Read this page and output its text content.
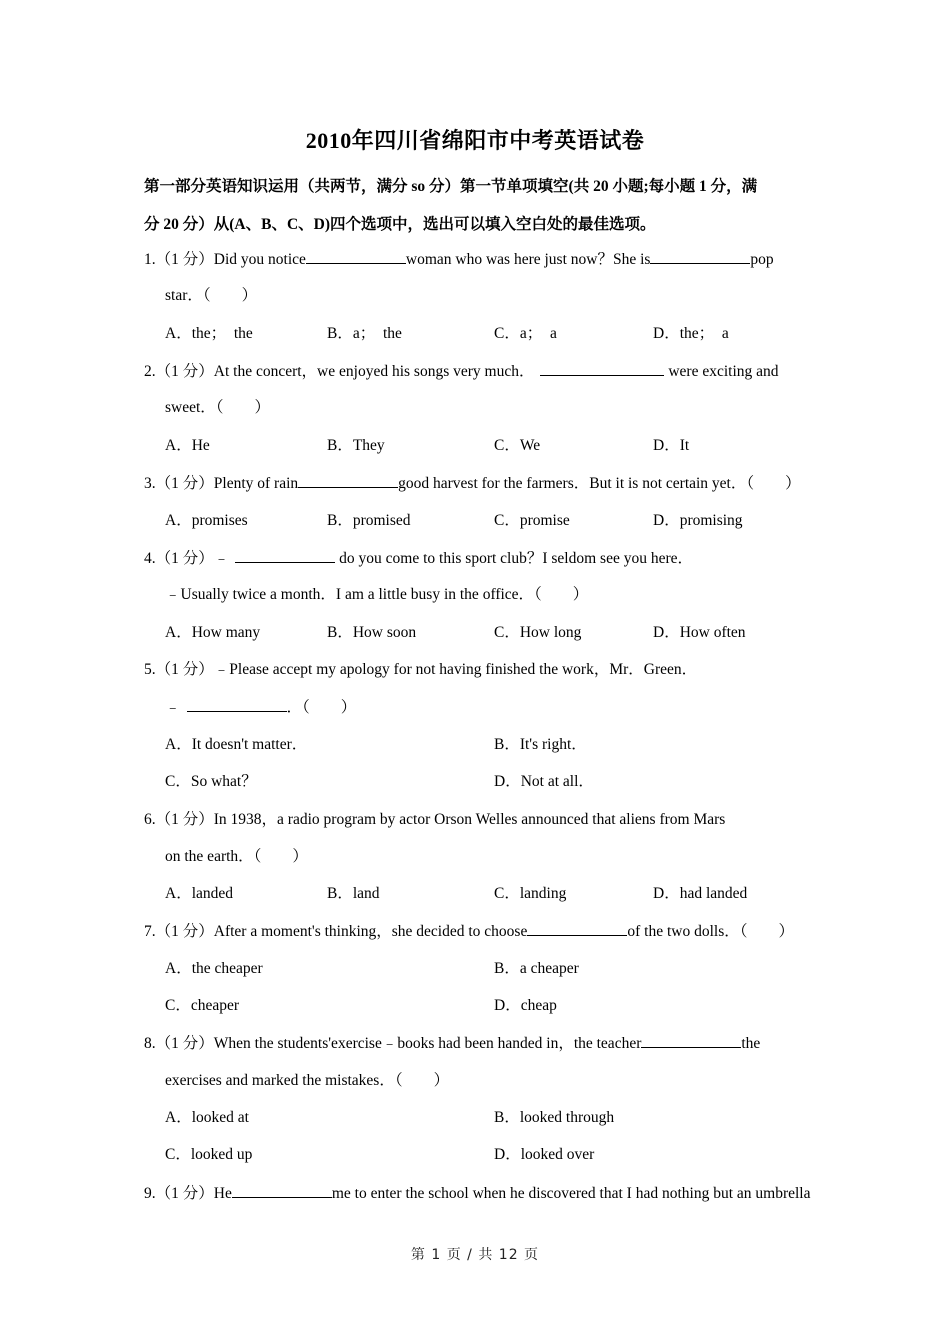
2010年四川省绵阳市中考英语试卷
第一部分英语知识运用（共两节，满分 so 分）第一节单项填空(共 20 小题;每小题 1 分，满
分 20 分）从(A、B、C、D)四个选项中，选出可以填入空白处的最佳选项。
1.（1 分）Did you notice	woman who was here just now？She is	pop
star．（　　）
A．the；　the	B．a；　the	C．a；　a	D．the；　a
2.（1 分）At the concert，we enjoyed his songs very much．	were exciting and
sweet．（　　）
A．He	B．They	C．We	D．It
3.（1 分）Plenty of rain	good harvest for the farmers．But it is not certain yet．（　　）
A．promises	B．promised	C．promise	D．promising
4.（1 分）﹣	do you come to this sport club？I seldom see you here．
﹣Usually twice a month．I am a little busy in the office．（　　）
A．How many	B．How soon	C．How long	D．How often
5.（1 分）﹣Please accept my apology for not having finished the work，Mr．Green．
﹣	．（　　）
A．It doesn't matter．	B．It's right．
C．So what？	D．Not at all．
6.（1 分）In 1938，a radio program by actor Orson Welles announced that aliens from Mars
on the earth．（　　）
A．landed	B．land	C．landing	D．had landed
7.（1 分）After a moment's thinking，she decided to choose	of the two dolls．（　　）
A．the cheaper	B．a cheaper
C．cheaper	D．cheap
8.（1 分）When the students'exercise﹣books had been handed in，the teacher	the
exercises and marked the mistakes．（　　）
A．looked at	B．looked through
C．looked up	D．looked over
9.（1 分）He	me to enter the school when he discovered that I had nothing but an umbrella
第 1 页 / 共 12 页
